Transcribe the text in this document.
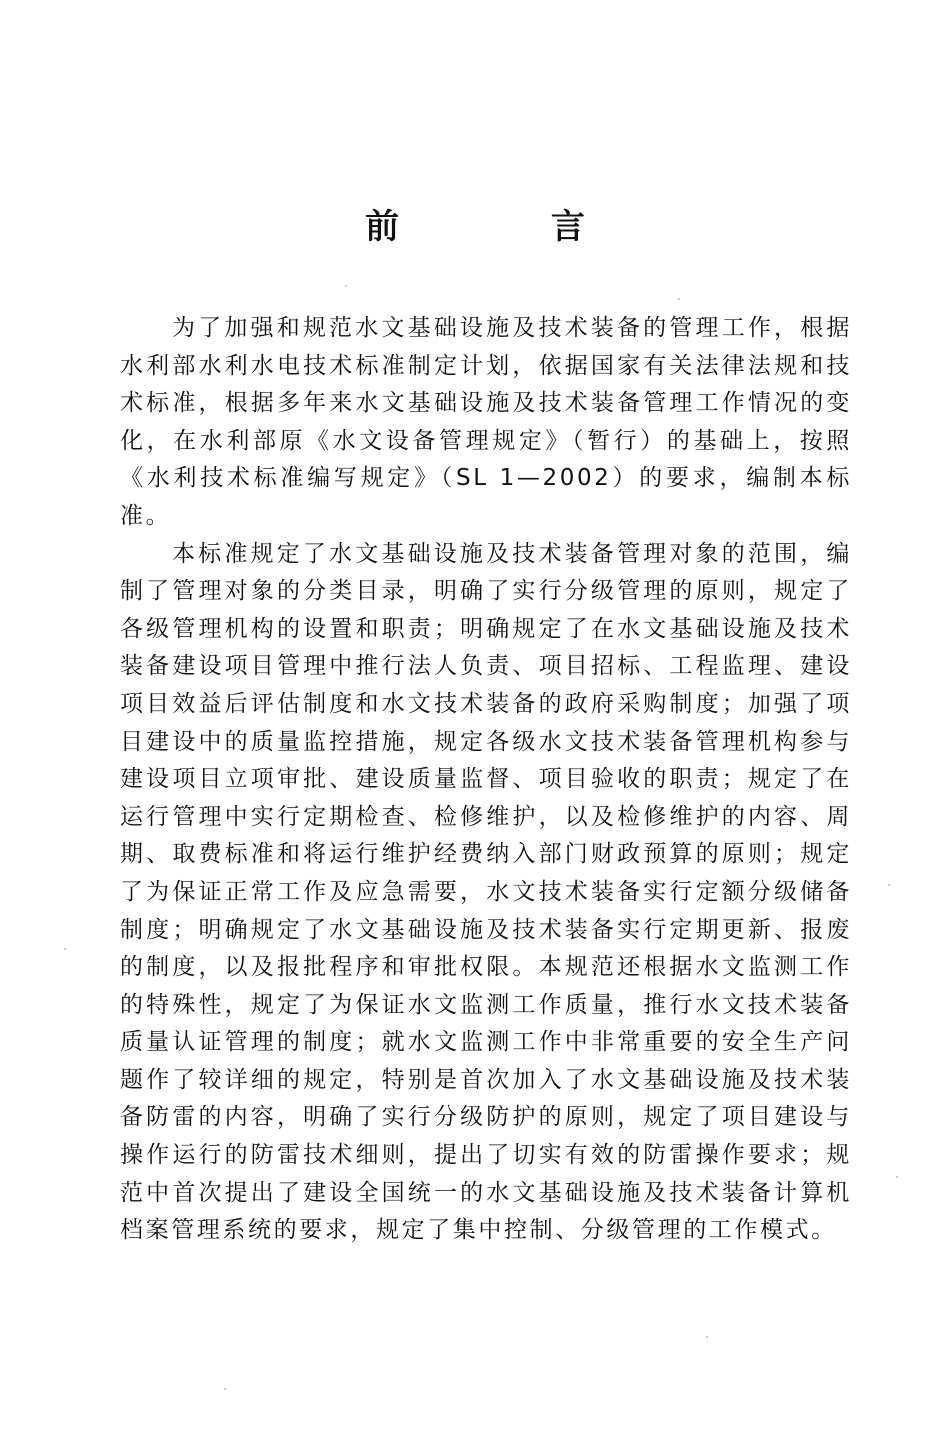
前 言

为了加强和规范水文基础设施及技术装备的管理工作，根据水利部水利水电技术标准制定计划，依据国家有关法律法规和技术标准，根据多年来水文基础设施及技术装备管理工作情况的变化，在水利部原《水文设备管理规定》（暂行）的基础上，按照《水利技术标准编写规定》（SL 1—2002）的要求，编制本标准。

本标准规定了水文基础设施及技术装备管理对象的范围，编制了管理对象的分类目录，明确了实行分级管理的原则，规定了各级管理机构的设置和职责；明确规定了在水文基础设施及技术装备建设项目管理中推行法人负责、项目招标、工程监理、建设项目效益后评估制度和水文技术装备的政府采购制度；加强了项目建设中的质量监控措施，规定各级水文技术装备管理机构参与建设项目立项审批、建设质量监督、项目验收的职责；规定了在运行管理中实行定期检查、检修维护，以及检修维护的内容、周期、取费标准和将运行维护经费纳入部门财政预算的原则；规定了为保证正常工作及应急需要，水文技术装备实行定额分级储备制度；明确规定了水文基础设施及技术装备实行定期更新、报废的制度，以及报批程序和审批权限。本规范还根据水文监测工作的特殊性，规定了为保证水文监测工作质量，推行水文技术装备质量认证管理的制度；就水文监测工作中非常重要的安全生产问题作了较详细的规定，特别是首次加入了水文基础设施及技术装备防雷的内容，明确了实行分级防护的原则，规定了项目建设与操作运行的防雷技术细则，提出了切实有效的防雷操作要求；规范中首次提出了建设全国统一的水文基础设施及技术装备计算机档案管理系统的要求，规定了集中控制、分级管理的工作模式。
